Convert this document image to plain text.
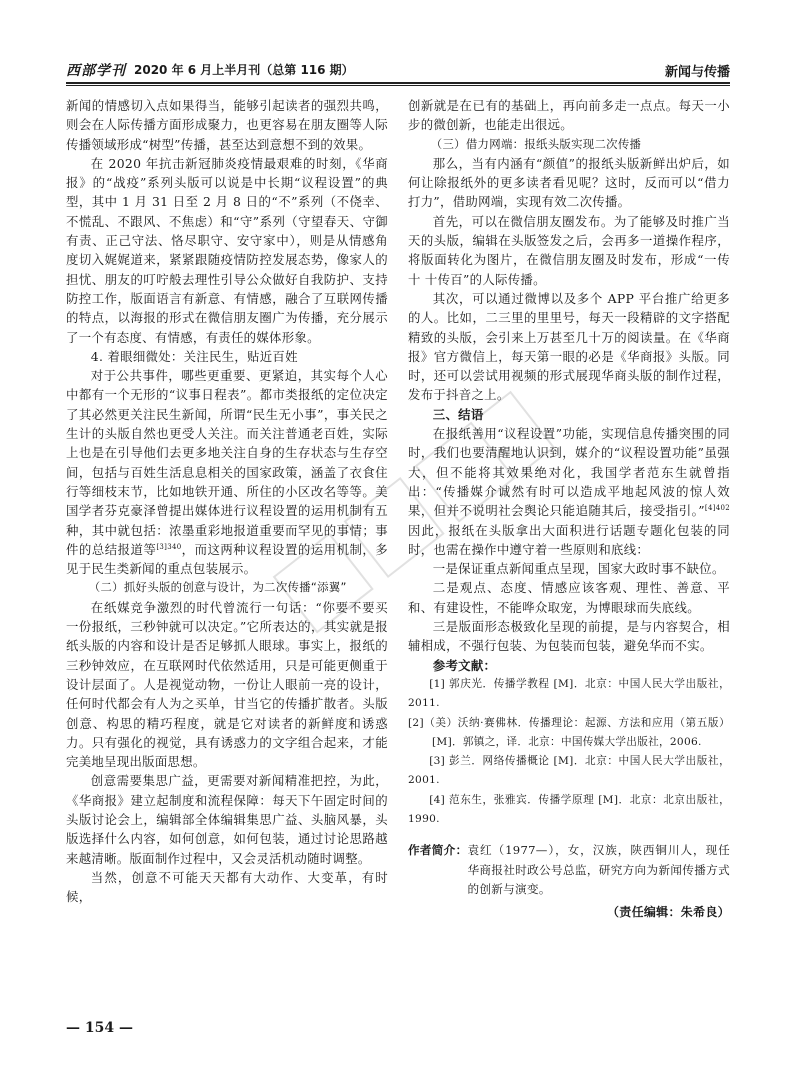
西部学刊 2020 年 6 月上半月刊（总第 116 期）	新闻与传播

新闻的情感切入点如果得当，能够引起读者的强烈共鸣，则会在人际传播方面形成聚力，也更容易在朋友圈等人际传播领域形成“树型”传播，甚至达到意想不到的效果。

在 2020 年抗击新冠肺炎疫情最艰难的时刻，《华商报》的“战疫”系列头版可以说是中长期“议程设置”的典型，其中 1 月 31 日至 2 月 8 日的“不”系列（不侥幸、不慌乱、不跟风、不焦虑）和“守”系列（守望春天、守御有责、正己守法、恪尽职守、安守家中），则是从情感角度切入娓娓道来，紧紧跟随疫情防控发展态势，像家人的担忧、朋友的叮咛般去理性引导公众做好自我防护、支持防控工作，版面语言有新意、有情感，融合了互联网传播的特点，以海报的形式在微信朋友圈广为传播，充分展示了一个有态度、有情感，有责任的媒体形象。

4. 着眼细微处：关注民生，贴近百姓

对于公共事件，哪些更重要、更紧迫，其实每个人心中都有一个无形的“议事日程表”。都市类报纸的定位决定了其必然更关注民生新闻，所谓“民生无小事”，事关民之生计的头版自然也更受人关注。而关注普通老百姓，实际上也是在引导他们去更多地关注自身的生存状态与生存空间，包括与百姓生活息息相关的国家政策，涵盖了衣食住行等细枝末节，比如地铁开通、所住的小区改名等等。美国学者芬克豪泽曾提出媒体进行议程设置的运用机制有五种，其中就包括：浓墨重彩地报道重要而罕见的事情；事件的总结报道等$^{[3]340}$，而这两种议程设置的运用机制，多见于民生类新闻的重点包装展示。

（二）抓好头版的创意与设计，为二次传播“添翼”

在纸媒竞争激烈的时代曾流行一句话：“你要不要买一份报纸，三秒钟就可以决定。”它所表达的，其实就是报纸头版的内容和设计是否足够抓人眼球。事实上，报纸的三秒钟效应，在互联网时代依然适用，只是可能更侧重于设计层面了。人是视觉动物，一份让人眼前一亮的设计，任何时代都会有人为之买单，甘当它的传播扩散者。头版创意、构思的精巧程度，就是它对读者的新鲜度和诱惑力。只有强化的视觉，具有诱惑力的文字组合起来，才能完美地呈现出版面思想。

创意需要集思广益，更需要对新闻精准把控，为此，《华商报》建立起制度和流程保障：每天下午固定时间的头版讨论会上，编辑部全体编辑集思广益、头脑风暴，头版选择什么内容，如何创意，如何包装，通过讨论思路越来越清晰。版面制作过程中，又会灵活机动随时调整。

当然，创意不可能天天都有大动作、大变革，有时候，

创新就是在已有的基础上，再向前多走一点点。每天一小步的微创新，也能走出很远。

（三）借力网端：报纸头版实现二次传播

那么，当有内涵有“颜值”的报纸头版新鲜出炉后，如何让除报纸外的更多读者看见呢？这时，反而可以“借力打力”，借助网端，实现有效二次传播。

首先，可以在微信朋友圈发布。为了能够及时推广当天的头版，编辑在头版签发之后，会再多一道操作程序，将版面转化为图片，在微信朋友圈及时发布，形成“一传十 十传百”的人际传播。

其次，可以通过微博以及多个 APP 平台推广给更多的人。比如，二三里的里里号，每天一段精辟的文字搭配精致的头版，会引来上万甚至几十万的阅读量。在《华商报》官方微信上，每天第一眼的必是《华商报》头版。同时，还可以尝试用视频的形式展现华商头版的制作过程，发布于抖音之上。

三、结语

在报纸善用“议程设置”功能，实现信息传播突围的同时，我们也要清醒地认识到，媒介的“议程设置功能”虽强大，但不能将其效果绝对化，我国学者范东生就曾指出：“传播媒介诚然有时可以造成平地起风波的惊人效果，但并不说明社会舆论只能追随其后，接受指引。”$^{[4]402}$因此，报纸在头版拿出大面积进行话题专题化包装的同时，也需在操作中遵守着一些原则和底线：

一是保证重点新闻重点呈现，国家大政时事不缺位。

二是观点、态度、情感应该客观、理性、善意、平和、有建设性，不能哗众取宠，为博眼球而失底线。

三是版面形态极致化呈现的前提，是与内容契合，相辅相成，不强行包装、为包装而包装，避免华而不实。

参考文献：

[1] 郭庆光．传播学教程 [M]．北京：中国人民大学出版社，2011.

[2]（美）沃纳·赛佛林．传播理论：起源、方法和应用（第五版）[M]．郭镇之，译．北京：中国传媒大学出版社，2006.

[3] 彭兰．网络传播概论 [M]．北京：中国人民大学出版社，2001.

[4] 范东生，张雅宾．传播学原理 [M]．北京：北京出版社，1990.

作者简介： 袁红（1977—），女，汉族，陕西铜川人，现任华商报社时政公号总监，研究方向为新闻传播方式的创新与演变。
（责任编辑：朱希良）
— 154 —
